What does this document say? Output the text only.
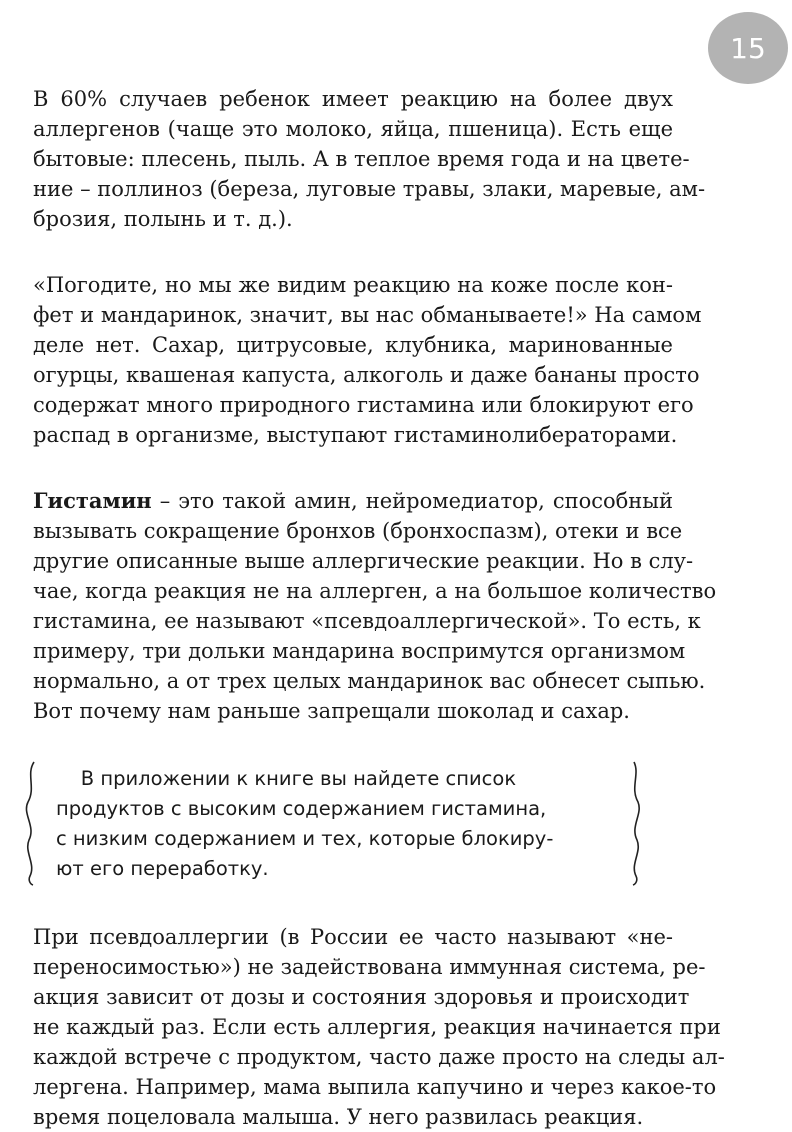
15
В 60% случаев ребенок имеет реакцию на более двух
аллергенов (чаще это молоко, яйца, пшеница). Есть еще
бытовые: плесень, пыль. А в теплое время года и на цвете-
ние – поллиноз (береза, луговые травы, злаки, маревые, ам-
брозия, полынь и т. д.).
«Погодите, но мы же видим реакцию на коже после кон-
фет и мандаринок, значит, вы нас обманываете!» На самом
деле нет. Сахар, цитрусовые, клубника, маринованные
огурцы, квашеная капуста, алкоголь и даже бананы просто
содержат много природного гистамина или блокируют его
распад в организме, выступают гистаминолибераторами.
Гистамин – это такой амин, нейромедиатор, способный
вызывать сокращение бронхов (бронхоспазм), отеки и все
другие описанные выше аллергические реакции. Но в слу-
чае, когда реакция не на аллерген, а на большое количество
гистамина, ее называют «псевдоаллергической». То есть, к
примеру, три дольки мандарина воспримутся организмом
нормально, а от трех целых мандаринок вас обнесет сыпью.
Вот почему нам раньше запрещали шоколад и сахар.
В приложении к книге вы найдете список
продуктов с высоким содержанием гистамина,
с низким содержанием и тех, которые блокиру-
ют его переработку.
При псевдоаллергии (в России ее часто называют «не-
переносимостью») не задействована иммунная система, ре-
акция зависит от дозы и состояния здоровья и происходит
не каждый раз. Если есть аллергия, реакция начинается при
каждой встрече с продуктом, часто даже просто на следы ал-
лергена. Например, мама выпила капучино и через какое-то
время поцеловала малыша. У него развилась реакция.
